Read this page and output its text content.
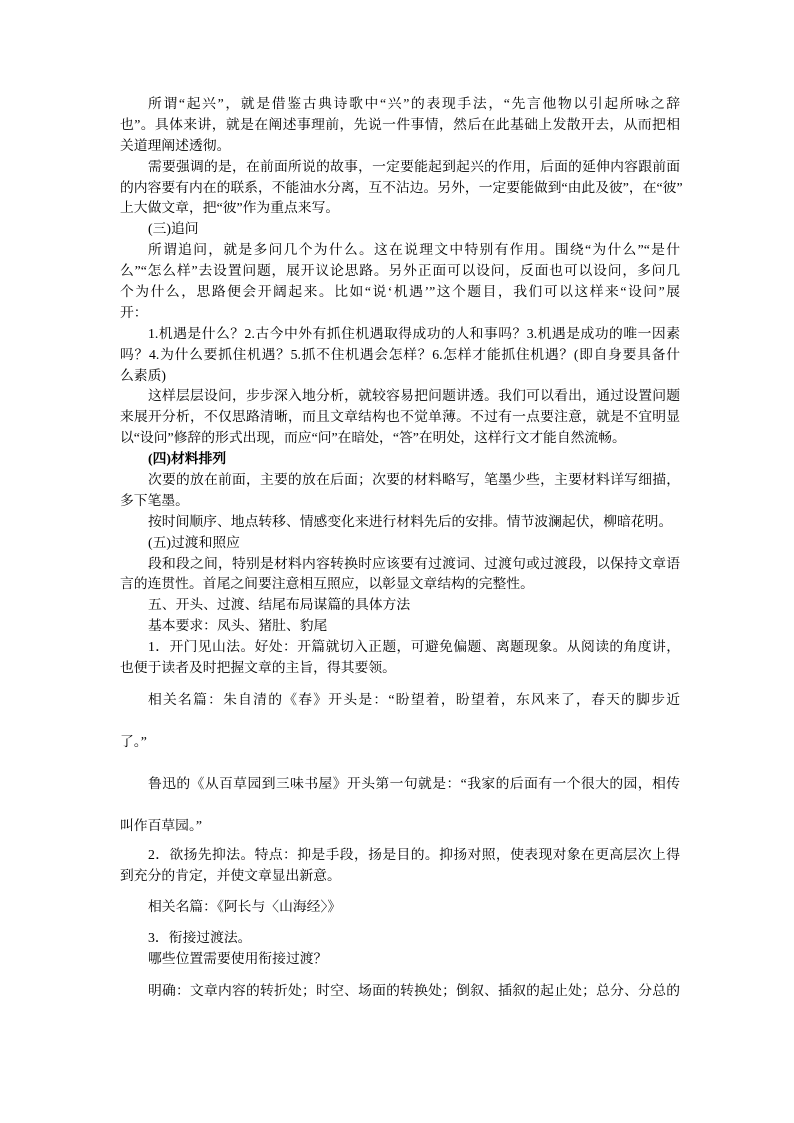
所谓“起兴”，就是借鉴古典诗歌中“兴”的表现手法，“先言他物以引起所咏之辞
也”。具体来讲，就是在阐述事理前，先说一件事情，然后在此基础上发散开去，从而把相
关道理阐述透彻。
需要强调的是，在前面所说的故事，一定要能起到起兴的作用，后面的延伸内容跟前面
的内容要有内在的联系，不能油水分离，互不沾边。另外，一定要能做到“由此及彼”，在“彼”
上大做文章，把“彼”作为重点来写。
(三)追问
所谓追问，就是多问几个为什么。这在说理文中特别有作用。围绕“为什么”“是什
么”“怎么样”去设置问题，展开议论思路。另外正面可以设问，反面也可以设问，多问几
个为什么，思路便会开阔起来。比如“说‘机遇’”这个题目，我们可以这样来“设问”展
开：
1.机遇是什么？2.古今中外有抓住机遇取得成功的人和事吗？3.机遇是成功的唯一因素
吗？4.为什么要抓住机遇？5.抓不住机遇会怎样？6.怎样才能抓住机遇？(即自身要具备什
么素质)
这样层层设问，步步深入地分析，就较容易把问题讲透。我们可以看出，通过设置问题
来展开分析，不仅思路清晰，而且文章结构也不觉单薄。不过有一点要注意，就是不宜明显
以“设问”修辞的形式出现，而应“问”在暗处，“答”在明处，这样行文才能自然流畅。
(四)材料排列
次要的放在前面，主要的放在后面；次要的材料略写，笔墨少些，主要材料详写细描，
多下笔墨。
按时间顺序、地点转移、情感变化来进行材料先后的安排。情节波澜起伏，柳暗花明。
(五)过渡和照应
段和段之间，特别是材料内容转换时应该要有过渡词、过渡句或过渡段，以保持文章语
言的连贯性。首尾之间要注意相互照应，以彰显文章结构的完整性。
五、开头、过渡、结尾布局谋篇的具体方法
基本要求：凤头、猪肚、豹尾
1．开门见山法。好处：开篇就切入正题，可避免偏题、离题现象。从阅读的角度讲，
也便于读者及时把握文章的主旨，得其要领。
相关名篇：朱自清的《春》开头是：“盼望着，盼望着，东风来了，春天的脚步近
了。”
鲁迅的《从百草园到三味书屋》开头第一句就是：“我家的后面有一个很大的园，相传
叫作百草园。”
2．欲扬先抑法。特点：抑是手段，扬是目的。抑扬对照，使表现对象在更高层次上得
到充分的肯定，并使文章显出新意。
相关名篇：《阿长与〈山海经〉》
3．衔接过渡法。
哪些位置需要使用衔接过渡？
明确：文章内容的转折处；时空、场面的转换处；倒叙、插叙的起止处；总分、分总的
